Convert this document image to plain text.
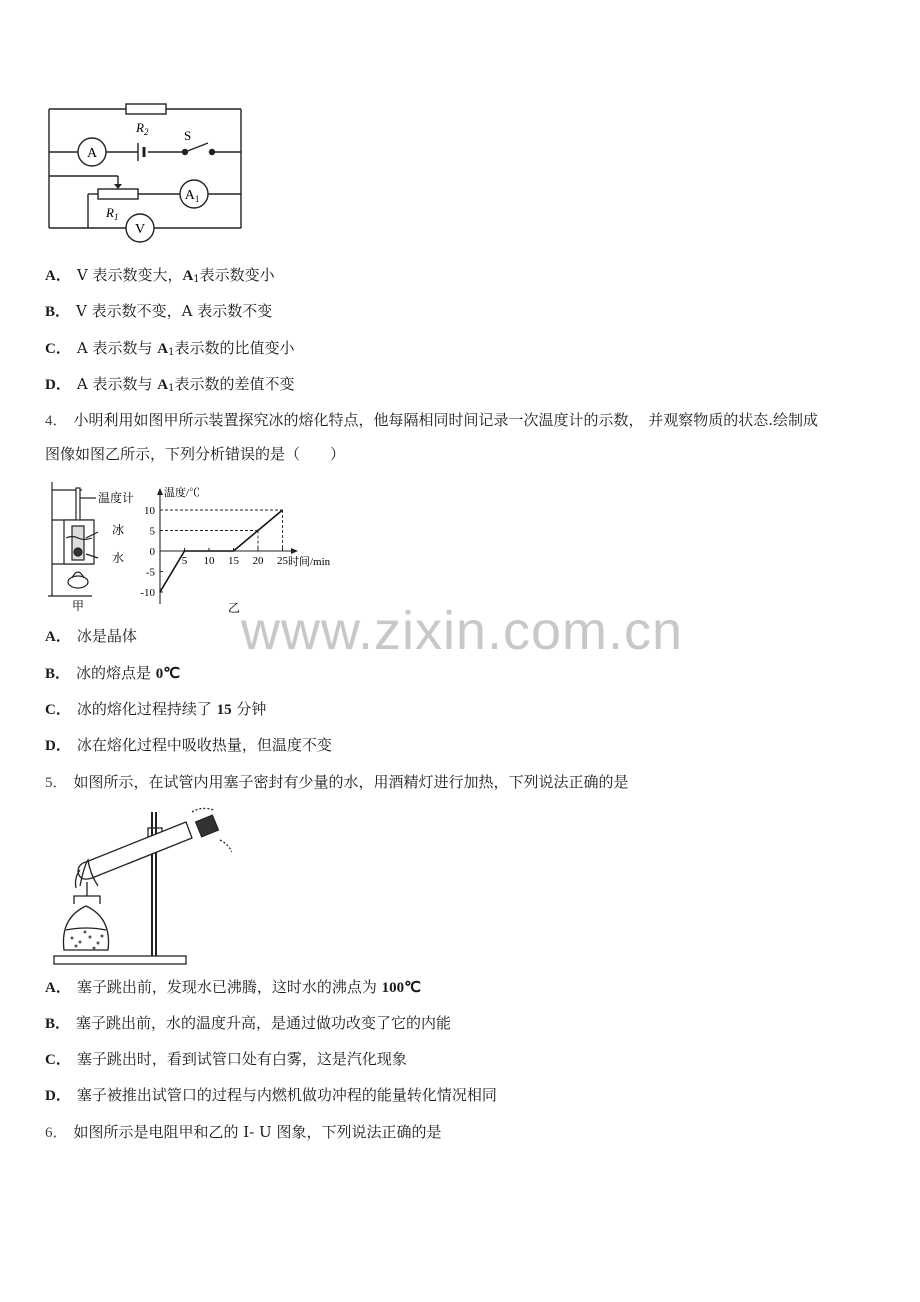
$R_2$	S
$R_1$
A
$A_1$
V
A． V 表示数变大，$A_1$表示数变小
B． V 表示数不变，A 表示数不变
C． A 表示数与 $A_1$表示数的比值变小
D． A 表示数与 $A_1$表示数的差值不变
4． 小明利用如图甲所示装置探究冰的熔化特点，他每隔相同时间记录一次温度计的示数， 并观察物质的状态.绘制成
图像如图乙所示，下列分析错误的是（　　）
温度计
冰
水
甲
温度/℃
时间/min
乙
5 10 15 20 25
10
5
0
-5
-10
A． 冰是晶体
B． 冰的熔点是 0℃
C． 冰的熔化过程持续了 15 分钟
D． 冰在熔化过程中吸收热量，但温度不变
5． 如图所示，在试管内用塞子密封有少量的水，用酒精灯进行加热，下列说法正确的是
A． 塞子跳出前，发现水已沸腾，这时水的沸点为 100℃
B． 塞子跳出前，水的温度升高，是通过做功改变了它的内能
C． 塞子跳出时，看到试管口处有白雾，这是汽化现象
D． 塞子被推出试管口的过程与内燃机做功冲程的能量转化情况相同
6． 如图所示是电阻甲和乙的 I- U 图象，下列说法正确的是
www.zixin.com.cn
